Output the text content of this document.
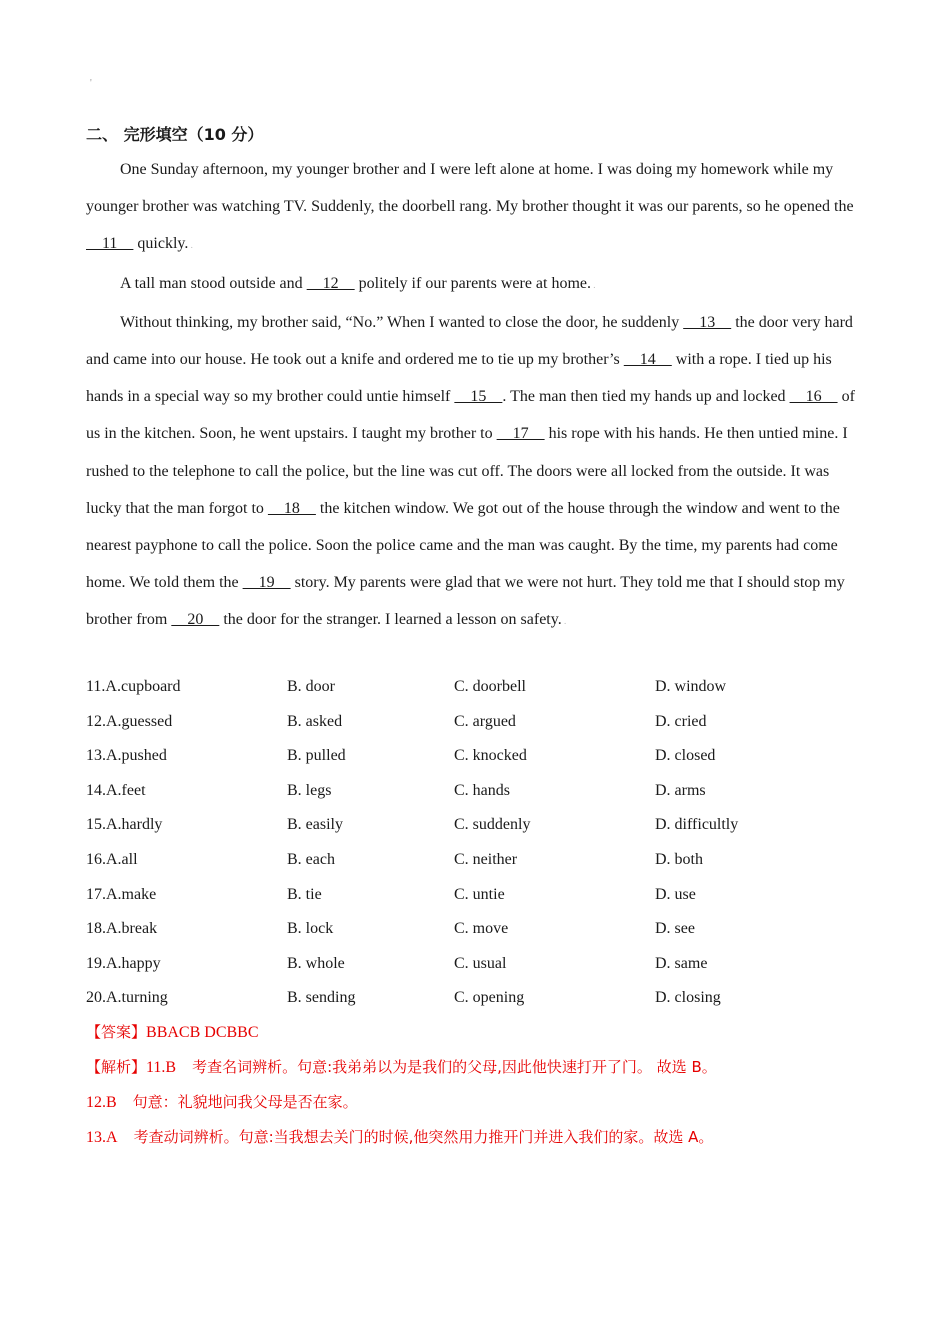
'
二、 完形填空（10 分）

One Sunday afternoon, my younger brother and I were left alone at home. I was doing my homework while my younger brother was watching TV. Suddenly, the doorbell rang. My brother thought it was our parents, so he opened the     11     quickly. .

A tall man stood outside and     12     politely if our parents were at home. .

Without thinking, my brother said, “No.” When I wanted to close the door, he suddenly     13     the door very hard and came into our house. He took out a knife and ordered me to tie up my brother’s     14     with a rope. I tied up his hands in a special way so my brother could untie himself     15    . The man then tied my hands up and locked     16     of us in the kitchen. Soon, he went upstairs. I taught my brother to     17     his rope with his hands. He then untied mine. I rushed to the telephone to call the police, but the line was cut off. The doors were all locked from the outside. It was lucky that the man forgot to     18     the kitchen window. We got out of the house through the window and went to the nearest payphone to call the police. Soon the police came and the man was caught. By the time, my parents had come home. We told them the     19     story. My parents were glad that we were not hurt. They told me that I should stop my brother from     20     the door for the stranger. I learned a lesson on safety. .

11.A.cupboard	B. door	C. doorbell	D. window
12.A.guessed	B. asked	C. argued	D. cried
13.A.pushed	B. pulled	C. knocked	D. closed
14.A.feet	B. legs	C. hands	D. arms
15.A.hardly	B. easily	C. suddenly	D. difficultly
16.A.all	B. each	C. neither	D. both
17.A.make	B. tie	C. untie	D. use
18.A.break	B. lock	C. move	D. see
19.A.happy	B. whole	C. usual	D. same
20.A.turning	B. sending	C. opening	D. closing
【答案】BBACB DCBBC
【解析】11.B 考查名词辨析。句意:我弟弟以为是我们的父母,因此他快速打开了门。 故选 B。
12.B 句意：礼貌地问我父母是否在家。
13.A 考查动词辨析。句意:当我想去关门的时候,他突然用力推开门并进入我们的家。故选 A。
